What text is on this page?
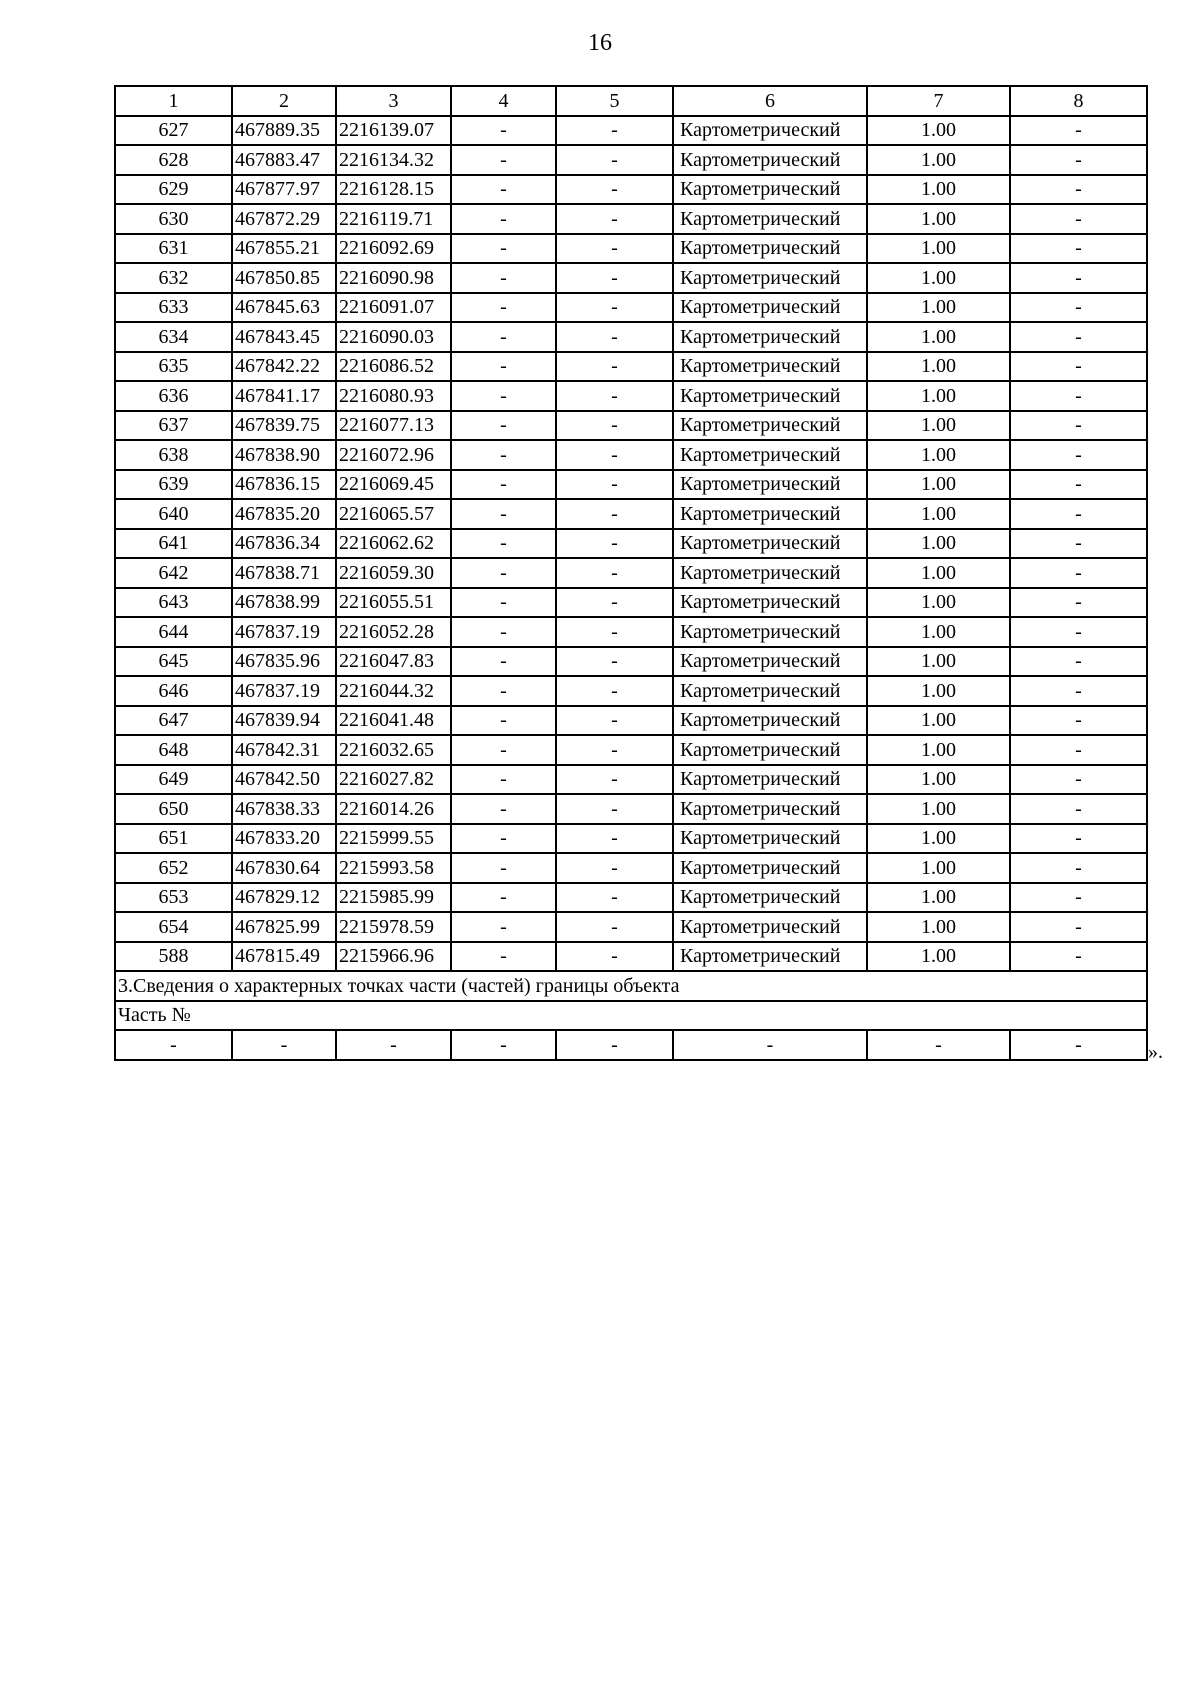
16
1	2	3	4	5	6	7	8
627	467889.35	2216139.07	-	-	Картометрический	1.00	-
628	467883.47	2216134.32	-	-	Картометрический	1.00	-
629	467877.97	2216128.15	-	-	Картометрический	1.00	-
630	467872.29	2216119.71	-	-	Картометрический	1.00	-
631	467855.21	2216092.69	-	-	Картометрический	1.00	-
632	467850.85	2216090.98	-	-	Картометрический	1.00	-
633	467845.63	2216091.07	-	-	Картометрический	1.00	-
634	467843.45	2216090.03	-	-	Картометрический	1.00	-
635	467842.22	2216086.52	-	-	Картометрический	1.00	-
636	467841.17	2216080.93	-	-	Картометрический	1.00	-
637	467839.75	2216077.13	-	-	Картометрический	1.00	-
638	467838.90	2216072.96	-	-	Картометрический	1.00	-
639	467836.15	2216069.45	-	-	Картометрический	1.00	-
640	467835.20	2216065.57	-	-	Картометрический	1.00	-
641	467836.34	2216062.62	-	-	Картометрический	1.00	-
642	467838.71	2216059.30	-	-	Картометрический	1.00	-
643	467838.99	2216055.51	-	-	Картометрический	1.00	-
644	467837.19	2216052.28	-	-	Картометрический	1.00	-
645	467835.96	2216047.83	-	-	Картометрический	1.00	-
646	467837.19	2216044.32	-	-	Картометрический	1.00	-
647	467839.94	2216041.48	-	-	Картометрический	1.00	-
648	467842.31	2216032.65	-	-	Картометрический	1.00	-
649	467842.50	2216027.82	-	-	Картометрический	1.00	-
650	467838.33	2216014.26	-	-	Картометрический	1.00	-
651	467833.20	2215999.55	-	-	Картометрический	1.00	-
652	467830.64	2215993.58	-	-	Картометрический	1.00	-
653	467829.12	2215985.99	-	-	Картометрический	1.00	-
654	467825.99	2215978.59	-	-	Картометрический	1.00	-
588	467815.49	2215966.96	-	-	Картометрический	1.00	-
3.Сведения о характерных точках части (частей) границы объекта							
Часть №							
-	-	-	-	-	-	-	-	».
